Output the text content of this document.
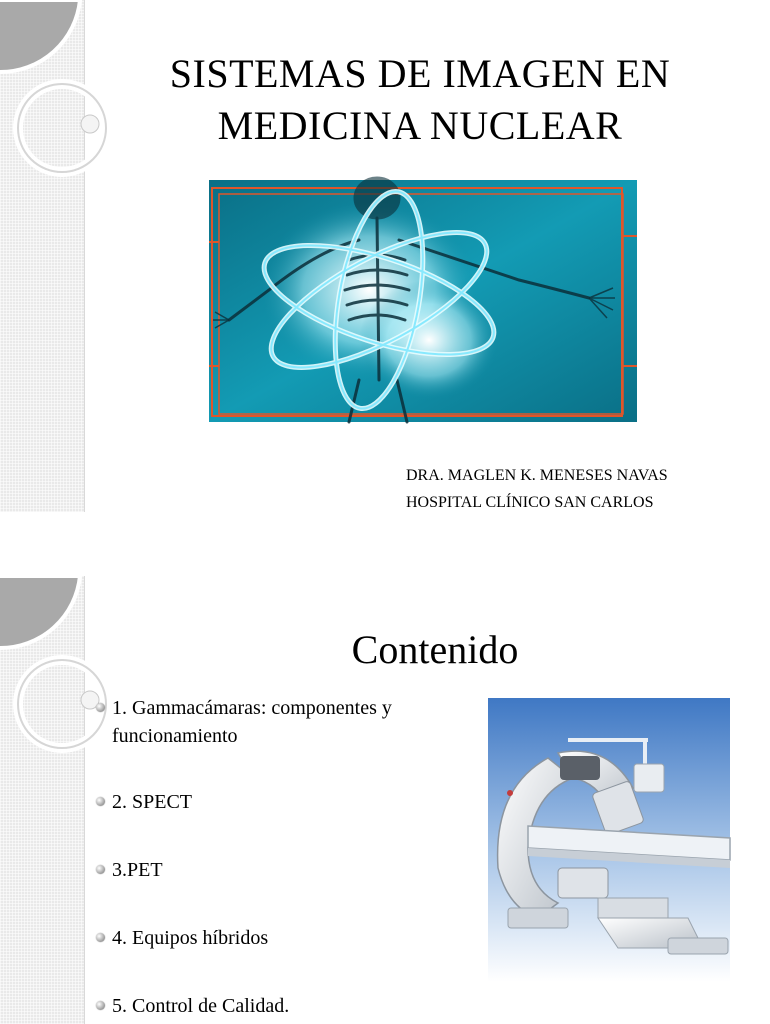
SISTEMAS DE IMAGEN EN
MEDICINA NUCLEAR
DRA. MAGLEN K. MENESES NAVAS
HOSPITAL CLÍNICO SAN CARLOS
Contenido
1. Gammacámaras: componentes y funcionamiento
2. SPECT
3.PET
4. Equipos híbridos
5. Control de Calidad.
